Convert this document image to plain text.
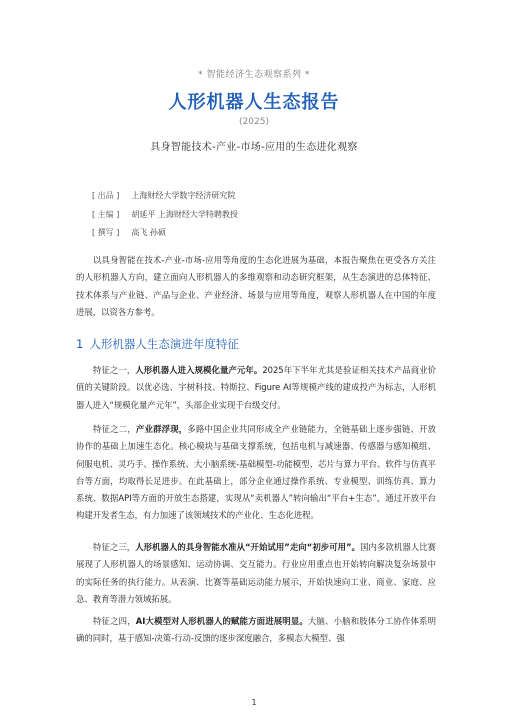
* 智能经济生态观察系列 *
人形机器人生态报告
(2025)
具身智能技术-产业-市场-应用的生态进化观察
[ 出品 ] 上海财经大学数字经济研究院
[ 主编 ] 胡延平 上海财经大学特聘教授
[ 撰写 ] 高飞 孙硕

以具身智能在技术-产业-市场-应用等角度的生态化进展为基础，本报告聚焦在更受各方关注的人形机器人方向，建立面向人形机器人的多维观察和动态研究框架，从生态演进的总体特征、技术体系与产业链、产品与企业、产业经济、场景与应用等角度，观察人形机器人在中国的年度进展，以资各方参考。

1 人形机器人生态演进年度特征

特征之一，人形机器人进入规模化量产元年。2025年下半年尤其是验证相关技术产品商业价值的关键阶段。以优必选、宇树科技、特斯拉、Figure AI等规模产线的建成投产为标志，人形机器人进入“规模化量产元年”，头部企业实现千台级交付。

特征之二，产业群浮现，多路中国企业共同形成全产业链能力，全链基础上逐步强链、开放协作的基础上加速生态化。核心模块与基础支撑系统，包括电机与减速器、传感器与感知模组、伺服电机、灵巧手、操作系统、大小脑系统-基础模型-功能模型、芯片与算力平台、软件与仿真平台等方面，均取得长足进步。在此基础上，部分企业通过操作系统、专业模型、训练仿真、算力系统、数据API等方面的开放生态搭建，实现从“卖机器人”转向输出“平台+生态”，通过开放平台构建开发者生态，有力加速了该领域技术的产业化、生态化进程。

特征之三，人形机器人的具身智能水准从“开始试用”走向“初步可用”。国内多款机器人比赛展现了人形机器人的场景感知、运动协调、交互能力。行业应用重点也开始转向解决复杂场景中的实际任务的执行能力。从表演、比赛等基础运动能力展示，开始快速向工业、商业、家庭、应急、教育等潜力领域拓展。

特征之四，AI大模型对人形机器人的赋能方面进展明显。大脑、小脑和肢体分工协作体系明确的同时，基于感知-决策-行动-反馈的逐步深度融合，多模态大模型、强

1
